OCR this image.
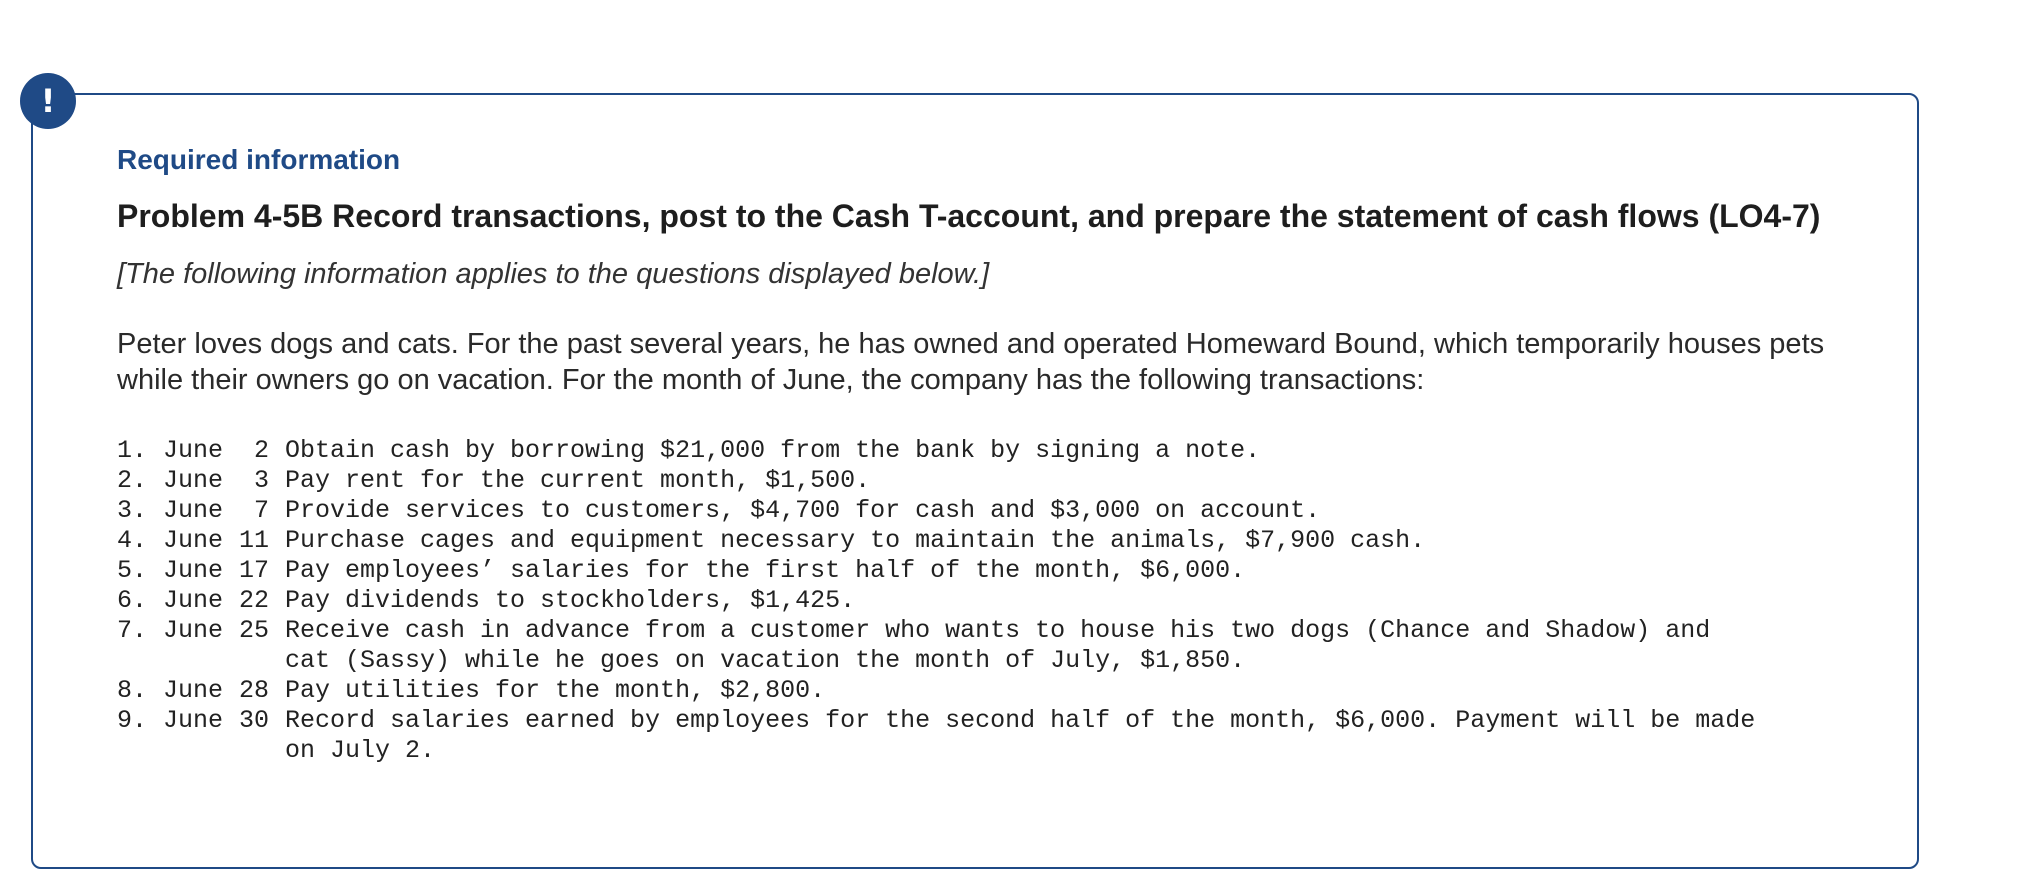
!
Required information
Problem 4-5B Record transactions, post to the Cash T-account, and prepare the statement of cash flows (LO4-7)

[The following information applies to the questions displayed below.]

Peter loves dogs and cats. For the past several years, he has owned and operated Homeward Bound, which temporarily houses pets while their owners go on vacation. For the month of June, the company has the following transactions:

1. June	2 Obtain cash by borrowing $21,000 from the bank by signing a note.
2. June	3 Pay rent for the current month, $1,500.
3. June	7 Provide services to customers, $4,700 for cash and $3,000 on account.
4. June 11 Purchase cages and equipment necessary to maintain the animals, $7,900 cash.
5. June 17 Pay employees’ salaries for the first half of the month, $6,000.
6. June 22 Pay dividends to stockholders, $1,425.
7. June 25 Receive cash in advance from a customer who wants to house his two dogs (Chance and Shadow) and
cat (Sassy) while he goes on vacation the month of July, $1,850.
8. June 28 Pay utilities for the month, $2,800.
9. June 30 Record salaries earned by employees for the second half of the month, $6,000. Payment will be made
on July 2.
